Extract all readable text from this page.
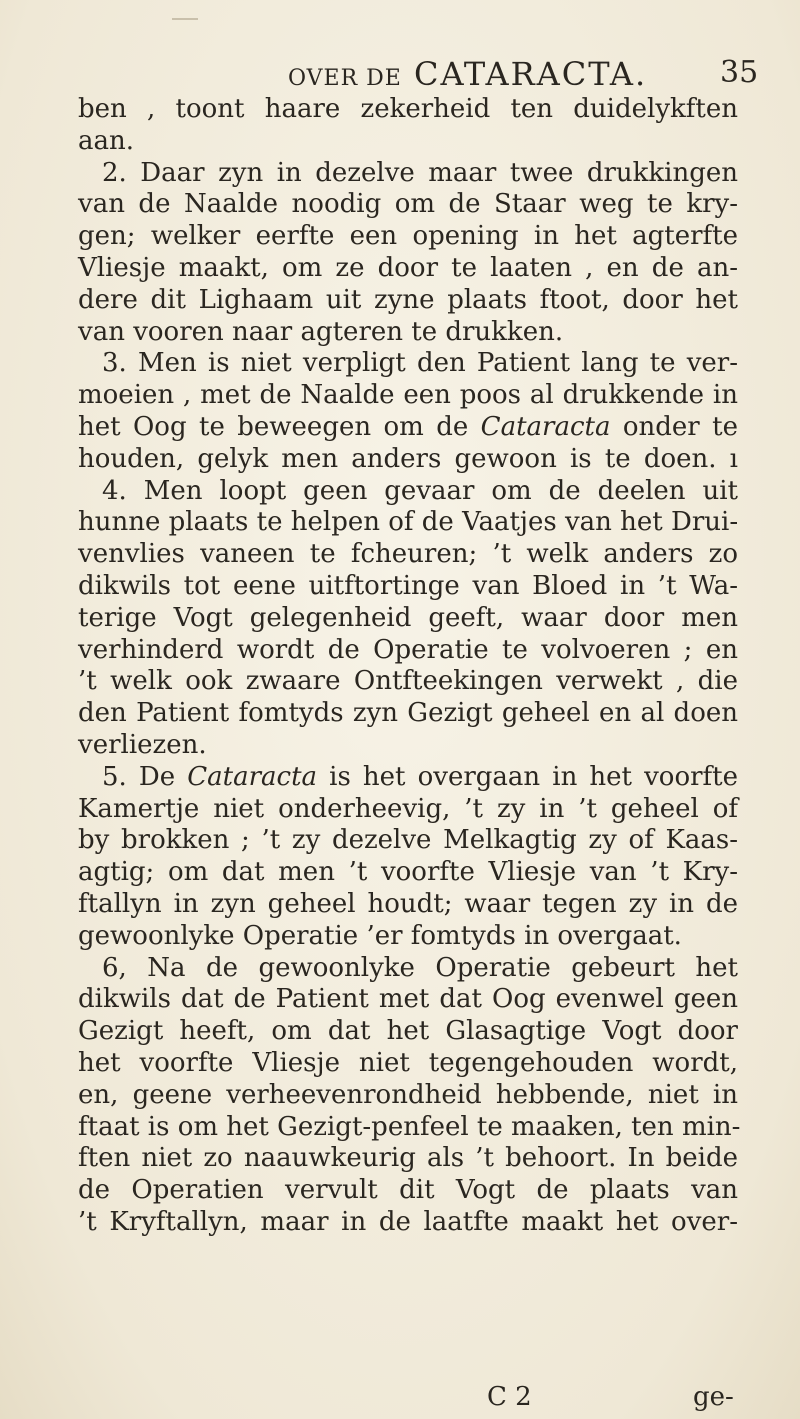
OVER DE CATARACTA. 35
ben , toont haare zekerheid ten duidelykften
aan.
2. Daar zyn in dezelve maar twee drukkingen
van de Naalde noodig om de Staar weg te kry-
gen; welker eerfte een opening in het agterfte
Vliesje maakt, om ze door te laaten , en de an-
dere dit Lighaam uit zyne plaats ftoot, door het
van vooren naar agteren te drukken.
3. Men is niet verpligt den Patient lang te ver-
moeien , met de Naalde een poos al drukkende in
het Oog te beweegen om de Cataracta onder te
houden, gelyk men anders gewoon is te doen. ı
4. Men loopt geen gevaar om de deelen uit
hunne plaats te helpen of de Vaatjes van het Drui-
venvlies vaneen te fcheuren; ’t welk anders zo
dikwils tot eene uitftortinge van Bloed in ’t Wa-
terige Vogt gelegenheid geeft, waar door men
verhinderd wordt de Operatie te volvoeren ; en
’t welk ook zwaare Ontfteekingen verwekt , die
den Patient fomtyds zyn Gezigt geheel en al doen
verliezen.
5. De Cataracta is het overgaan in het voorfte
Kamertje niet onderheevig, ’t zy in ’t geheel of
by brokken ; ’t zy dezelve Melkagtig zy of Kaas-
agtig; om dat men ’t voorfte Vliesje van ’t Kry-
ftallyn in zyn geheel houdt; waar tegen zy in de
gewoonlyke Operatie ’er fomtyds in overgaat.
6, Na de gewoonlyke Operatie gebeurt het
dikwils dat de Patient met dat Oog evenwel geen
Gezigt heeft, om dat het Glasagtige Vogt door
het voorfte Vliesje niet tegengehouden wordt,
en, geene verheevenrondheid hebbende, niet in
ftaat is om het Gezigt-penfeel te maaken, ten min-
ften niet zo naauwkeurig als ’t behoort. In beide
de Operatien vervult dit Vogt de plaats van
’t Kryftallyn, maar in de laatfte maakt het over-
C 2	ge-
